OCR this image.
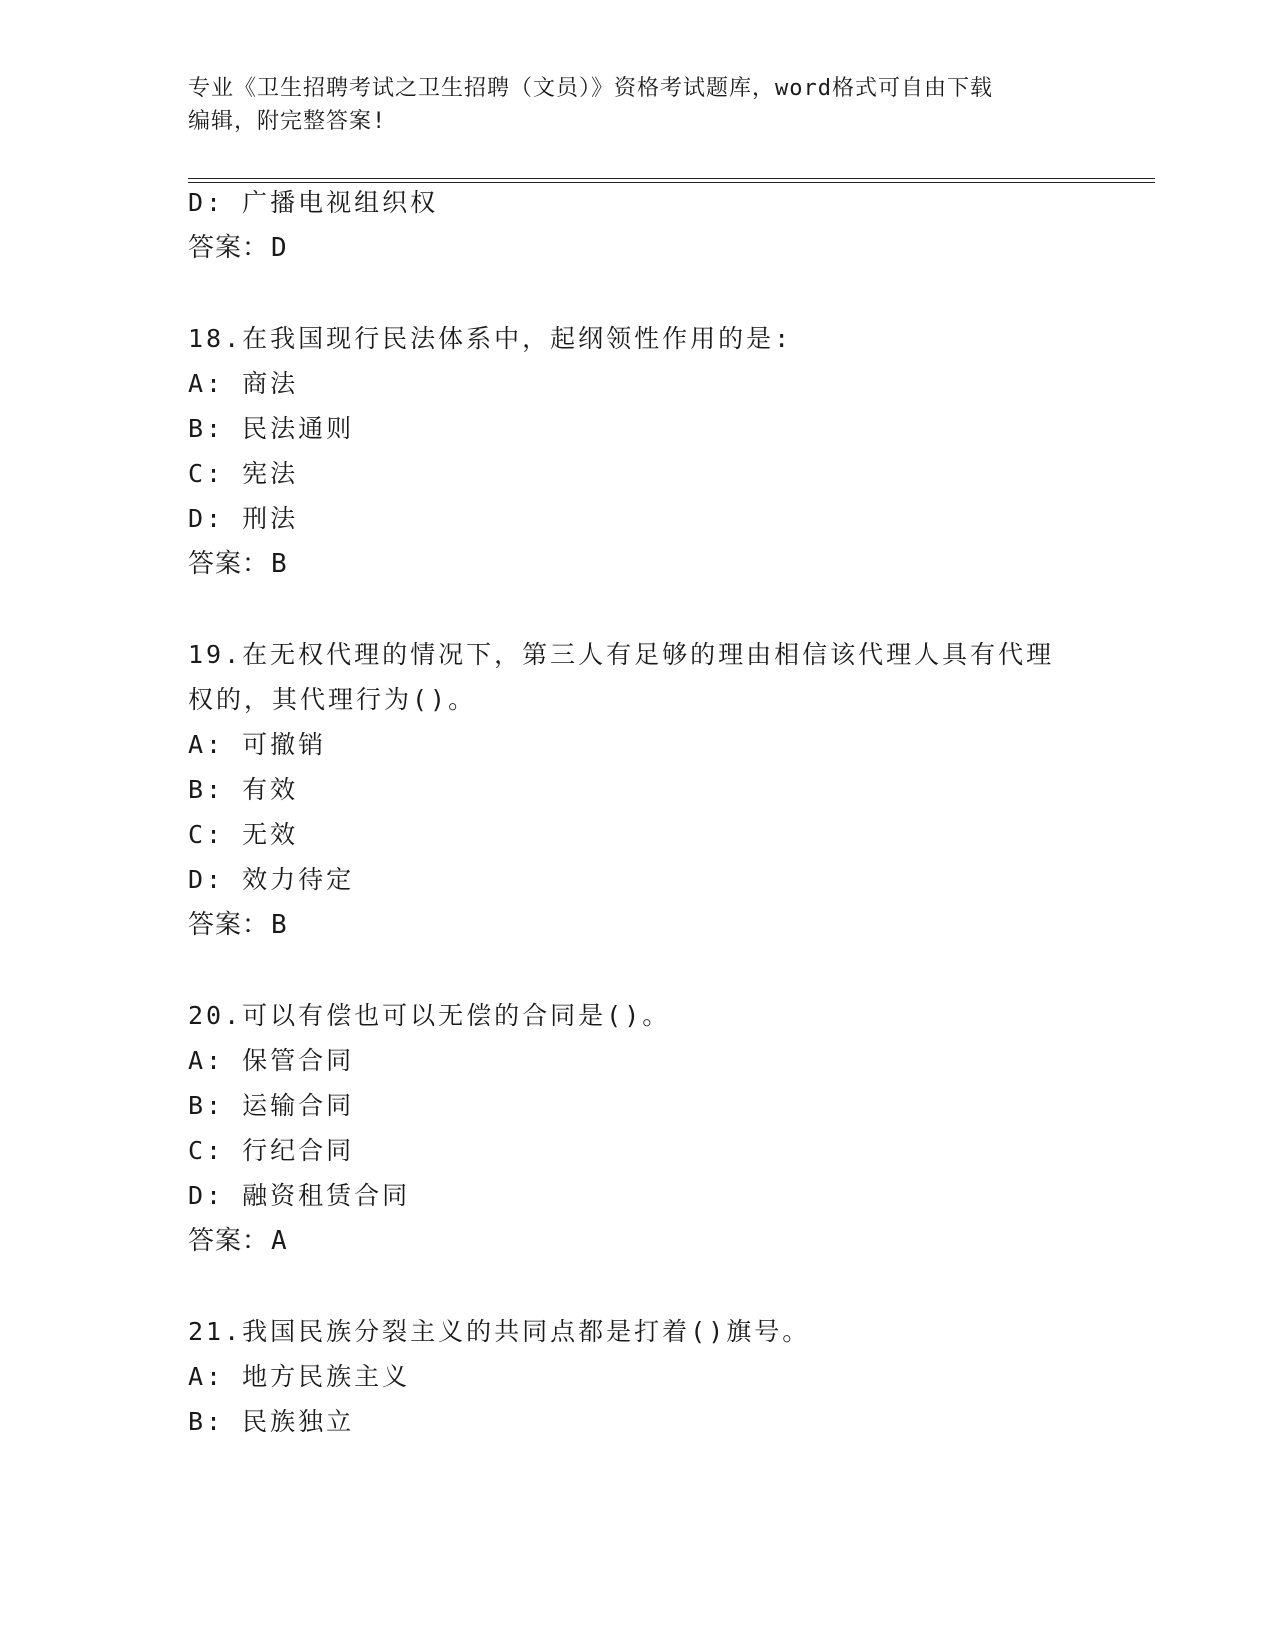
专业《卫生招聘考试之卫生招聘（文员）》资格考试题库，word格式可自由下载
编辑，附完整答案!
D: 广播电视组织权
答案：D
18.在我国现行民法体系中，起纲领性作用的是:
A: 商法
B: 民法通则
C: 宪法
D: 刑法
答案：B
19.在无权代理的情况下，第三人有足够的理由相信该代理人具有代理
权的，其代理行为()。
A: 可撤销
B: 有效
C: 无效
D: 效力待定
答案：B
20.可以有偿也可以无偿的合同是()。
A: 保管合同
B: 运输合同
C: 行纪合同
D: 融资租赁合同
答案：A
21.我国民族分裂主义的共同点都是打着()旗号。
A: 地方民族主义
B: 民族独立
